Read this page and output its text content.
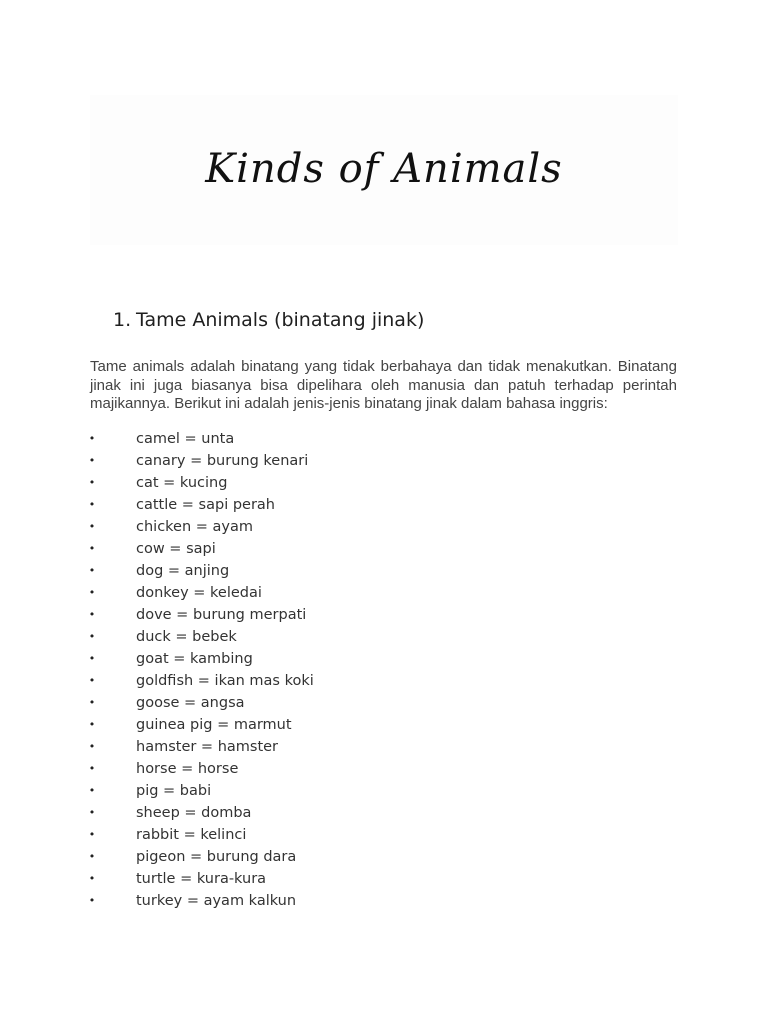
Kinds of Animals
1. Tame Animals (binatang jinak)

Tame animals adalah binatang yang tidak berbahaya dan tidak menakutkan. Binatang jinak ini juga biasanya bisa dipelihara oleh manusia dan patuh terhadap perintah majikannya. Berikut ini adalah jenis-jenis binatang jinak dalam bahasa inggris:

•	camel = unta
•	canary = burung kenari
•	cat = kucing
•	cattle = sapi perah
•	chicken = ayam
•	cow = sapi
•	dog = anjing
•	donkey = keledai
•	dove = burung merpati
•	duck = bebek
•	goat = kambing
•	goldfish = ikan mas koki
•	goose = angsa
•	guinea pig = marmut
•	hamster = hamster
•	horse = horse
•	pig = babi
•	sheep = domba
•	rabbit = kelinci
•	pigeon = burung dara
•	turtle = kura-kura
•	turkey = ayam kalkun
